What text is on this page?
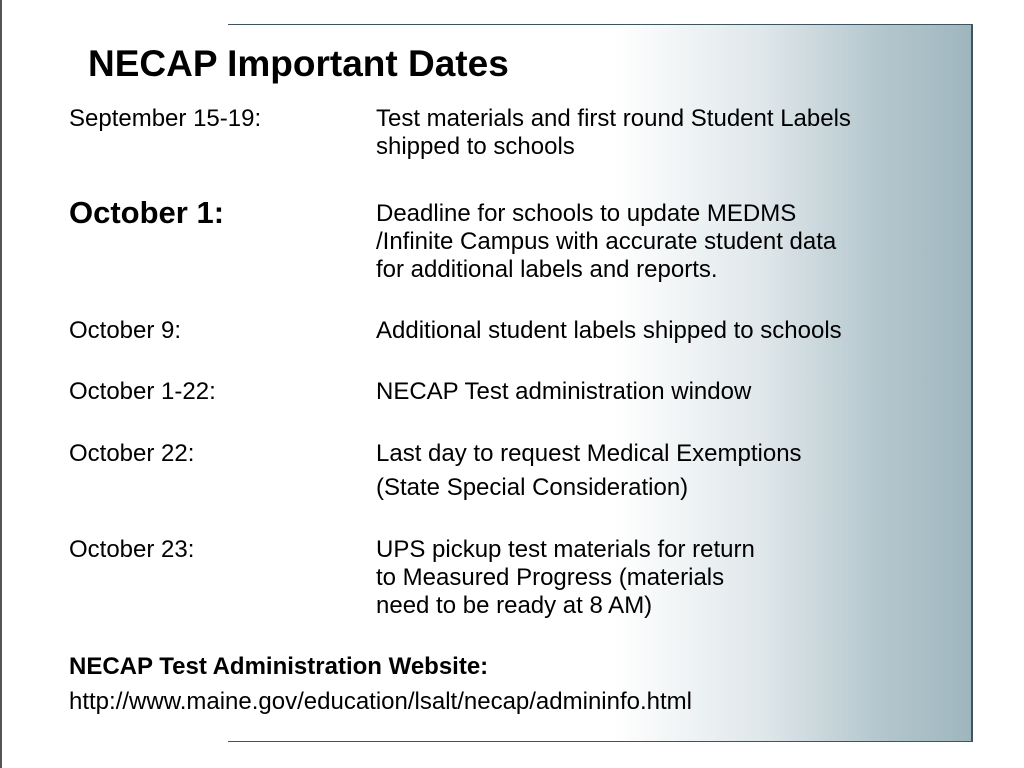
NECAP Important Dates
September 15-19:	Test materials and first round Student Labels
shipped to schools
October 1:	Deadline for schools to update MEDMS
/Infinite Campus with accurate student data
for additional labels and reports.
October 9:	Additional student labels shipped to schools
October 1-22:	NECAP Test administration window
October 22:	Last day to request Medical Exemptions
(State Special Consideration)
October 23:	UPS pickup test materials for return
to Measured Progress (materials
need to be ready at 8 AM)
NECAP Test Administration Website:
http://www.maine.gov/education/lsalt/necap/admininfo.html
